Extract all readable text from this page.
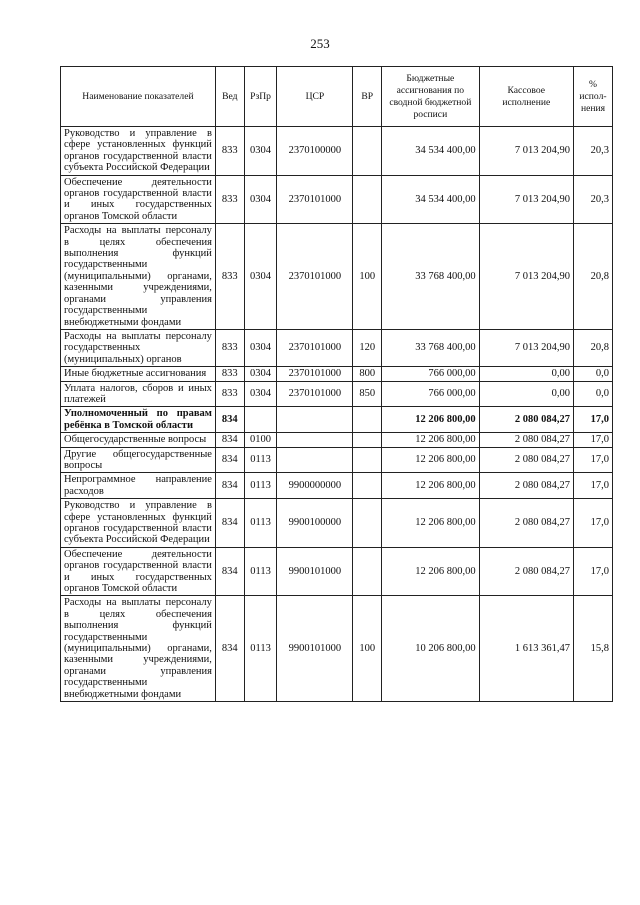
253
Наименование показателей	Вед	РзПр	ЦСР	ВР	Бюджетные ассигнования по сводной бюджетной росписи	Кассовое исполнение	% испол-нения
Руководство и управление в сфере установленных функций органов государственной власти субъекта Российской Федерации	833	0304	2370100000		34 534 400,00	7 013 204,90	20,3
Обеспечение деятельности органов государственной власти и иных государственных органов Томской области	833	0304	2370101000		34 534 400,00	7 013 204,90	20,3
Расходы на выплаты персоналу в целях обеспечения выполнения функций государственными (муниципальными) органами, казенными учреждениями, органами управления государственными внебюджетными фондами	833	0304	2370101000	100	33 768 400,00	7 013 204,90	20,8
Расходы на выплаты персоналу государственных (муниципальных) органов	833	0304	2370101000	120	33 768 400,00	7 013 204,90	20,8
Иные бюджетные ассигнования	833	0304	2370101000	800	766 000,00	0,00	0,0
Уплата налогов, сборов и иных платежей	833	0304	2370101000	850	766 000,00	0,00	0,0
Уполномоченный по правам ребёнка в Томской области	834				12 206 800,00	2 080 084,27	17,0
Общегосударственные вопросы	834	0100			12 206 800,00	2 080 084,27	17,0
Другие общегосударственные вопросы	834	0113			12 206 800,00	2 080 084,27	17,0
Непрограммное направление расходов	834	0113	9900000000		12 206 800,00	2 080 084,27	17,0
Руководство и управление в сфере установленных функций органов государственной власти субъекта Российской Федерации	834	0113	9900100000		12 206 800,00	2 080 084,27	17,0
Обеспечение деятельности органов государственной власти и иных государственных органов Томской области	834	0113	9900101000		12 206 800,00	2 080 084,27	17,0
Расходы на выплаты персоналу в целях обеспечения выполнения функций государственными (муниципальными) органами, казенными учреждениями, органами управления государственными внебюджетными фондами	834	0113	9900101000	100	10 206 800,00	1 613 361,47	15,8
